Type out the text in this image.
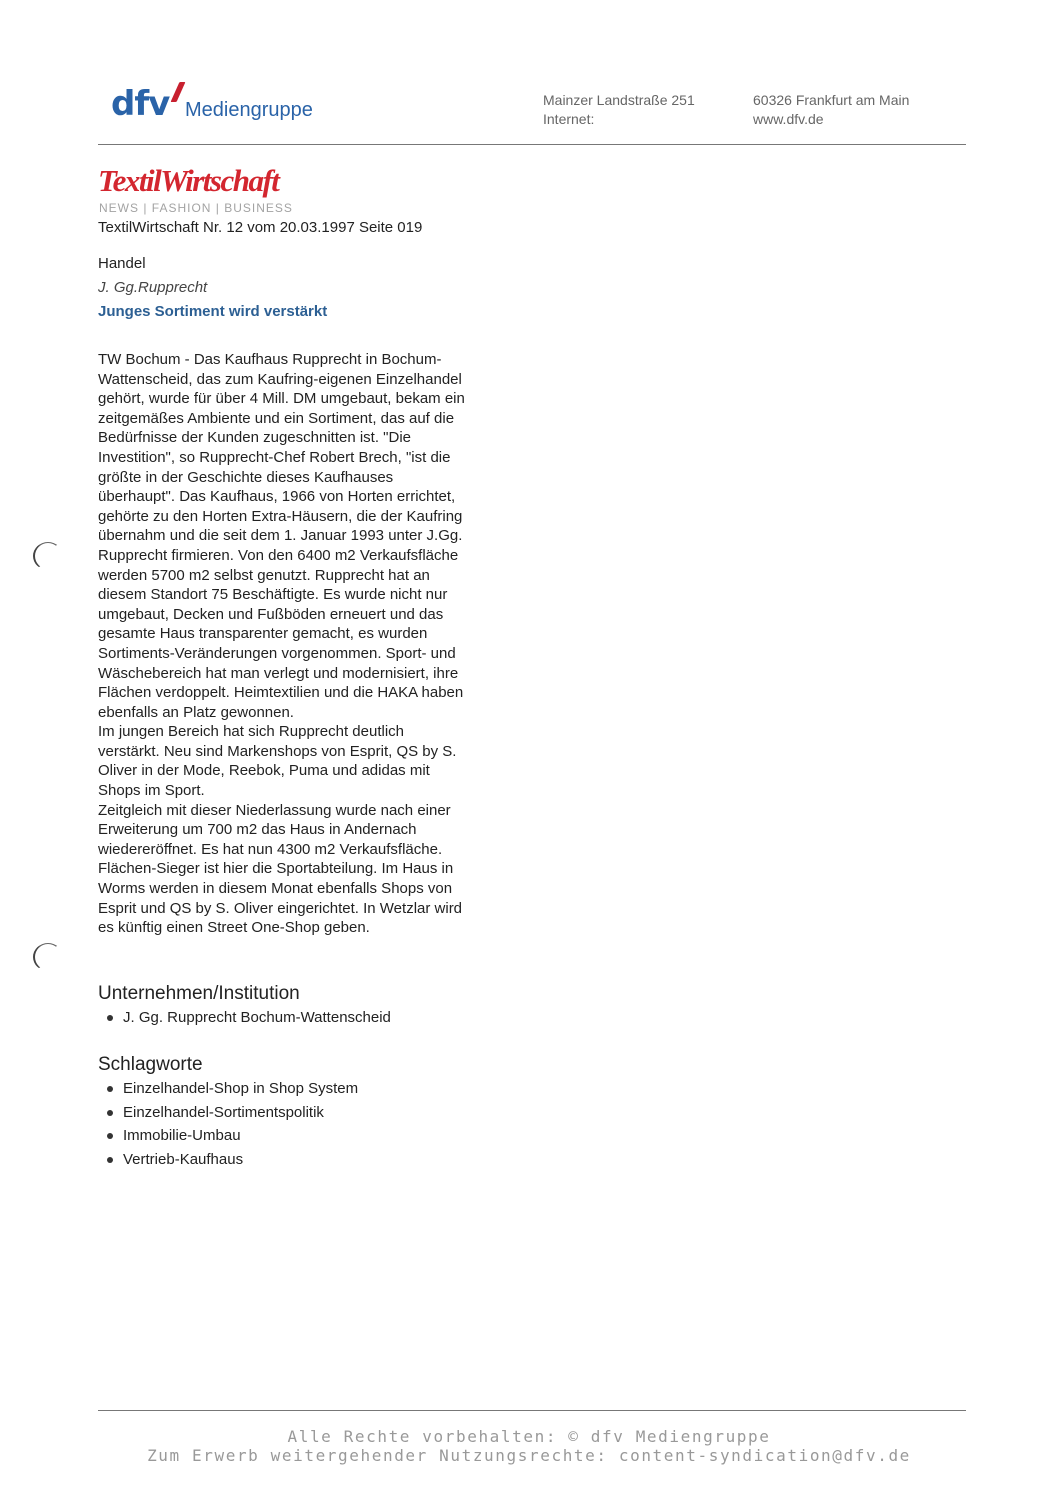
dfv Mediengruppe	Mainzer Landstraße 251
Internet:
60326 Frankfurt am Main
www.dfv.de
TextilWirtschaft
NEWS | FASHION | BUSINESS
TextilWirtschaft Nr. 12 vom 20.03.1997 Seite 019
Handel
J. Gg.Rupprecht
Junges Sortiment wird verstärkt

TW Bochum - Das Kaufhaus Rupprecht in Bochum-

Wattenscheid, das zum Kaufring-eigenen Einzelhandel

gehört, wurde für über 4 Mill. DM umgebaut, bekam ein

zeitgemäßes Ambiente und ein Sortiment, das auf die

Bedürfnisse der Kunden zugeschnitten ist. "Die

Investition", so Rupprecht-Chef Robert Brech, "ist die

größte in der Geschichte dieses Kaufhauses

überhaupt". Das Kaufhaus, 1966 von Horten errichtet,

gehörte zu den Horten Extra-Häusern, die der Kaufring

übernahm und die seit dem 1. Januar 1993 unter J.Gg.

Rupprecht firmieren. Von den 6400 m2 Verkaufsfläche

werden 5700 m2 selbst genutzt. Rupprecht hat an

diesem Standort 75 Beschäftigte. Es wurde nicht nur

umgebaut, Decken und Fußböden erneuert und das

gesamte Haus transparenter gemacht, es wurden

Sortiments-Veränderungen vorgenommen. Sport- und

Wäschebereich hat man verlegt und modernisiert, ihre

Flächen verdoppelt. Heimtextilien und die HAKA haben

ebenfalls an Platz gewonnen.

Im jungen Bereich hat sich Rupprecht deutlich

verstärkt. Neu sind Markenshops von Esprit, QS by S.

Oliver in der Mode, Reebok, Puma und adidas mit

Shops im Sport.

Zeitgleich mit dieser Niederlassung wurde nach einer

Erweiterung um 700 m2 das Haus in Andernach

wiedereröffnet. Es hat nun 4300 m2 Verkaufsfläche.

Flächen-Sieger ist hier die Sportabteilung. Im Haus in

Worms werden in diesem Monat ebenfalls Shops von

Esprit und QS by S. Oliver eingerichtet. In Wetzlar wird

es künftig einen Street One-Shop geben.

Unternehmen/Institution
J. Gg. Rupprecht Bochum-Wattenscheid
Schlagworte
Einzelhandel-Shop in Shop System
Einzelhandel-Sortimentspolitik
Immobilie-Umbau
Vertrieb-Kaufhaus
Alle Rechte vorbehalten: © dfv Mediengruppe
Zum Erwerb weitergehender Nutzungsrechte: content-syndication@dfv.de
